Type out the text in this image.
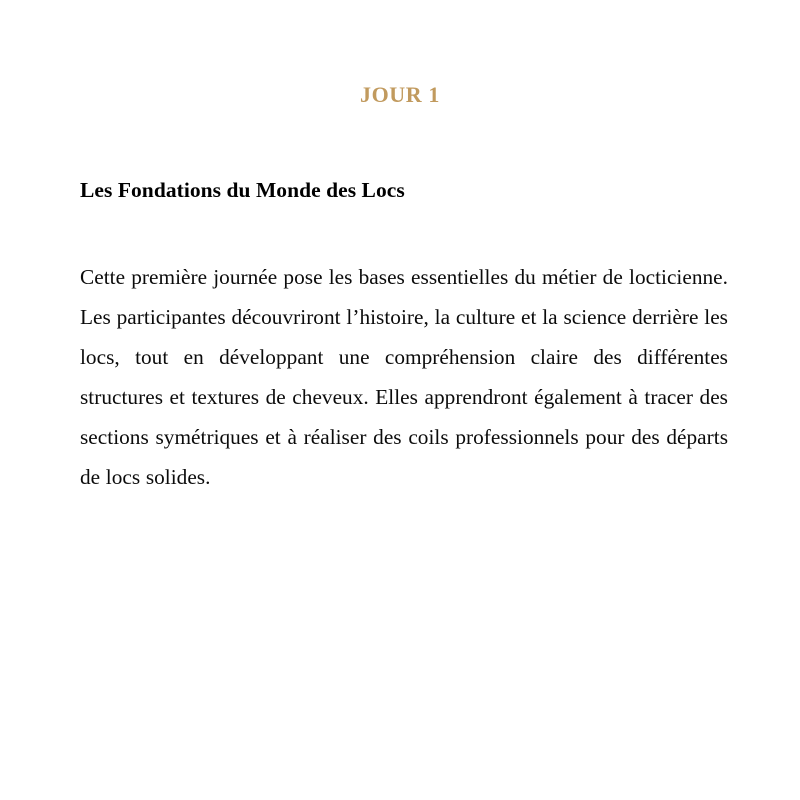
JOUR 1
Les Fondations du Monde des Locs

Cette première journée pose les bases essentielles du métier de locticienne. Les participantes découvriront l’histoire, la culture et la science derrière les locs, tout en développant une compréhension claire des différentes structures et textures de cheveux. Elles apprendront également à tracer des sections symétriques et à réaliser des coils professionnels pour des départs de locs solides.
